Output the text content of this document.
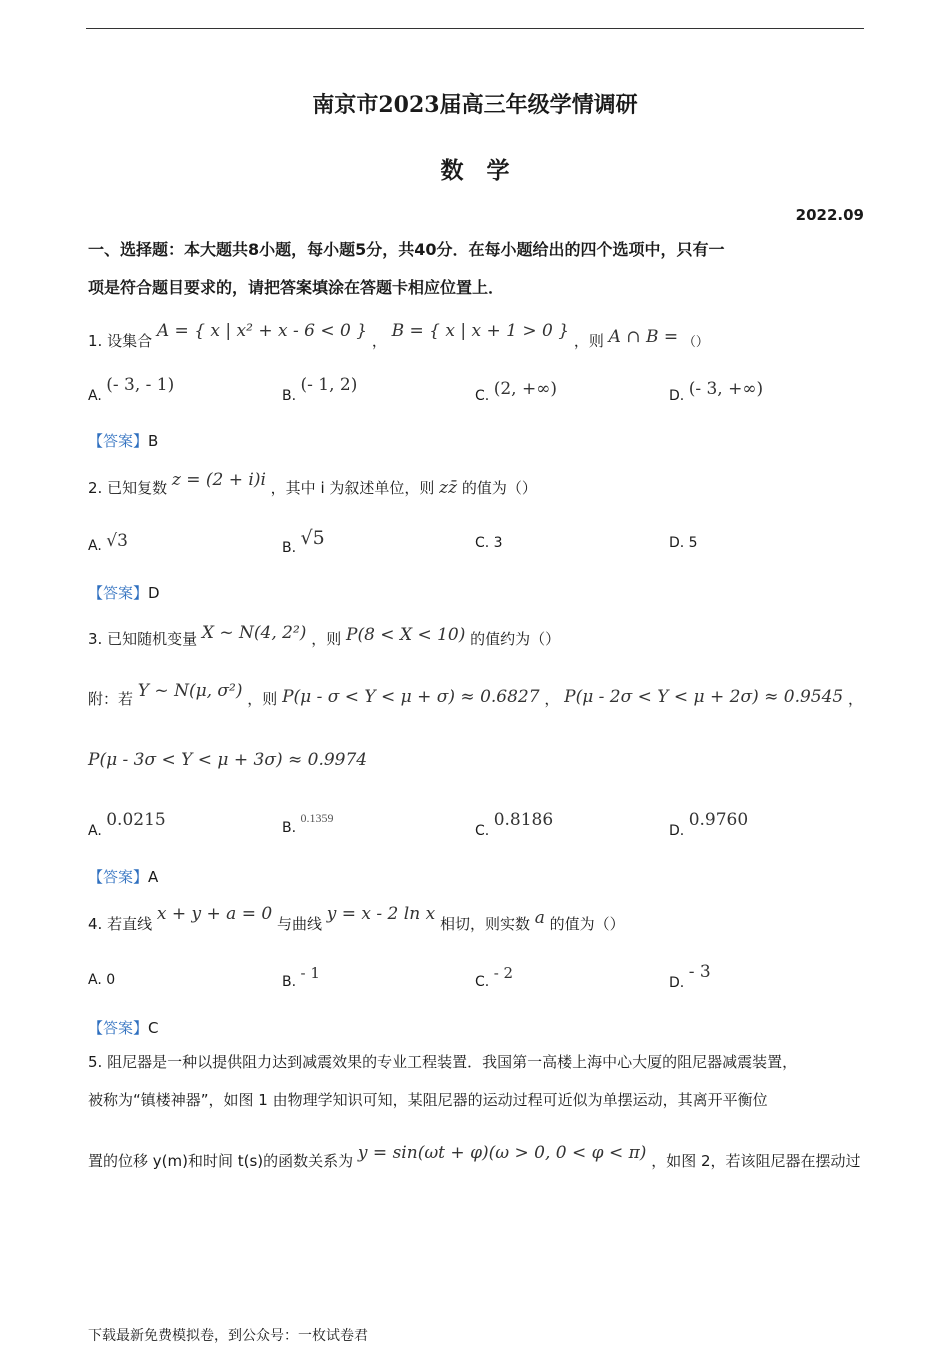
南京市2023届高三年级学情调研
数　学
2022.09
一、选择题：本大题共8小题，每小题5分，共40分．在每小题给出的四个选项中，只有一
项是符合题目要求的，请把答案填涂在答题卡相应位置上．
1. 设集合 A = { x | x² + x - 6 < 0 } ， B = { x | x + 1 > 0 } ，则 A ∩ B = （）
A. (- 3, - 1)
B. (- 1, 2)
C. (2, +∞)	D. (- 3, +∞)
【答案】B
2. 已知复数 z = (2 + i)i ，其中 i 为叙述单位，则 zz̄ 的值为（）
A. √3	B. √5	C. 3	D. 5
【答案】D
3. 已知随机变量 X ~ N(4, 2²) ，则 P(8 < X < 10) 的值约为（）
附：若 Y ~ N(μ, σ²) ，则 P(μ - σ < Y < μ + σ) ≈ 0.6827 ， P(μ - 2σ < Y < μ + 2σ) ≈ 0.9545 ，
P(μ - 3σ < Y < μ + 3σ) ≈ 0.9974
A. 0.0215	B. 0.1359
C. 0.8186
D. 0.9760
【答案】A
4. 若直线 x + y + a = 0 与曲线 y = x - 2 ln x 相切，则实数 a 的值为（）
A. 0	B. - 1	C. - 2
D. - 3
【答案】C
5. 阻尼器是一种以提供阻力达到减震效果的专业工程装置．我国第一高楼上海中心大厦的阻尼器减震装置，
被称为“镇楼神器”，如图 1 由物理学知识可知，某阻尼器的运动过程可近似为单摆运动，其离开平衡位
置的位移 y(m)和时间 t(s)的函数关系为 y = sin(ωt + φ)(ω > 0, 0 < φ < π) ，如图 2，若该阻尼器在摆动过
下载最新免费模拟卷，到公众号：一枚试卷君
